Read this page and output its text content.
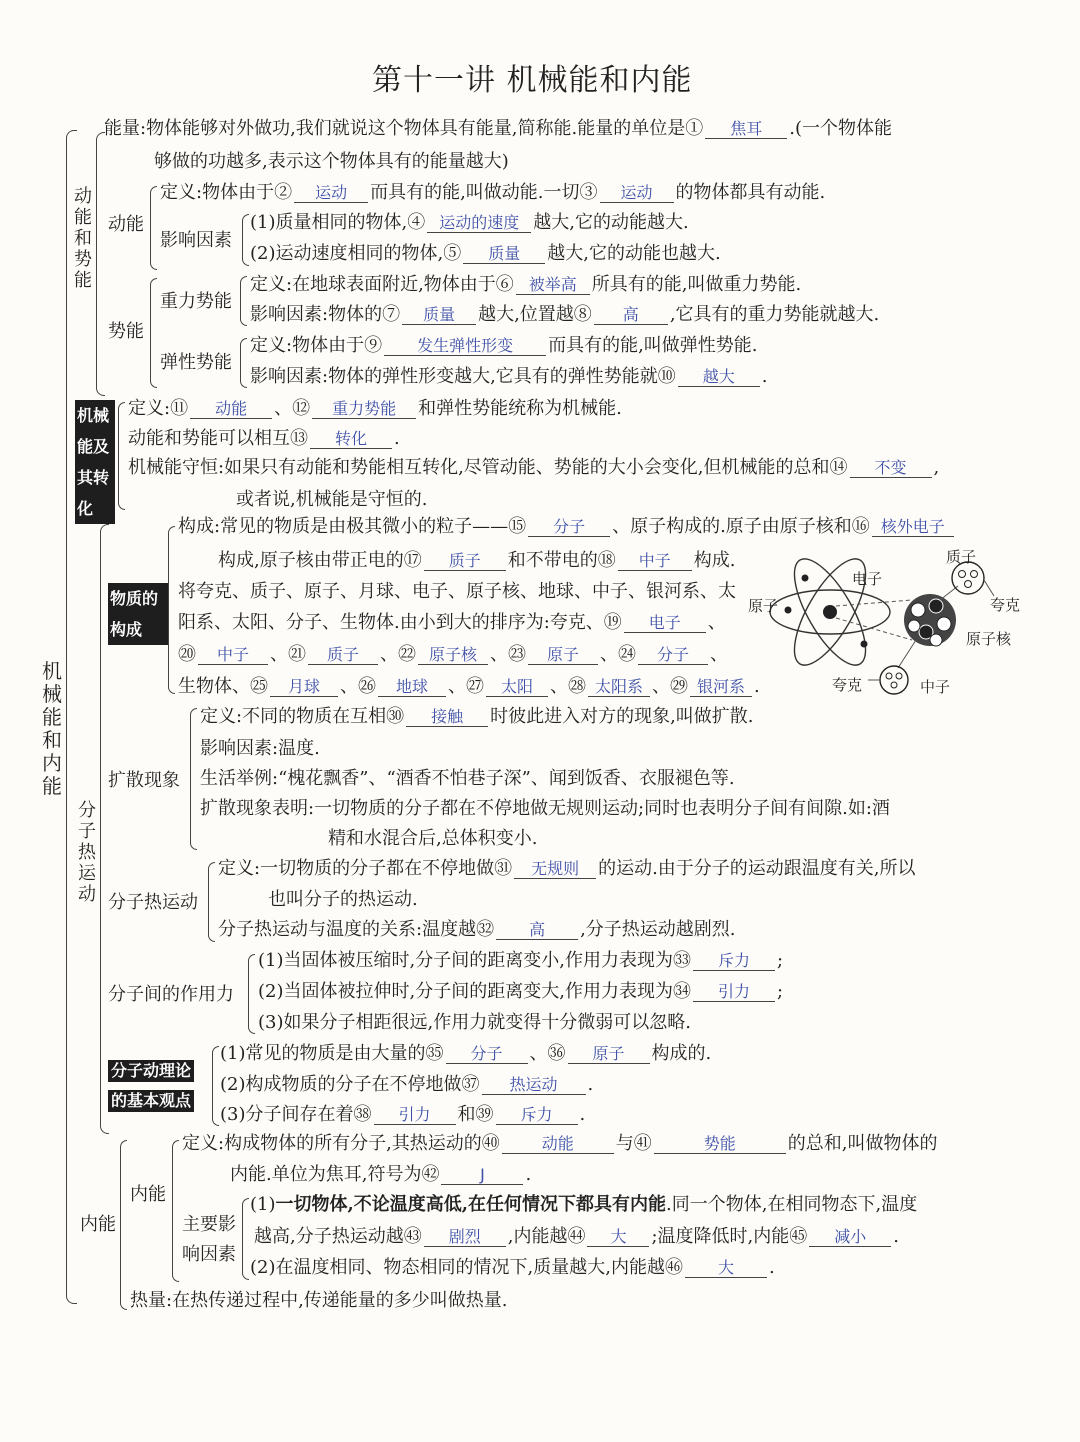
第十一讲 机械能和内能
机械能和内能
动能和势能
能量:物体能够对外做功,我们就说这个物体具有能量,简称能.能量的单位是① 焦耳 .(一个物体能
够做的功越多,表示这个物体具有的能量越大)
动能
定义:物体由于② 运动 而具有的能,叫做动能.一切③ 运动 的物体都具有动能.
影响因素
(1)质量相同的物体,④ 运动的速度 越大,它的动能越大.
(2)运动速度相同的物体,⑤ 质量 越大,它的动能也越大.
势能
重力势能
定义:在地球表面附近,物体由于⑥ 被举高 所具有的能,叫做重力势能.
影响因素:物体的⑦ 质量 越大,位置越⑧ 高 ,它具有的重力势能就越大.
弹性势能
定义:物体由于⑨ 发生弹性形变 而具有的能,叫做弹性势能.
影响因素:物体的弹性形变越大,它具有的弹性势能就⑩ 越大 .
机械能及其转化
定义:⑪ 动能 、⑫ 重力势能 和弹性势能统称为机械能.
动能和势能可以相互⑬ 转化 .
机械能守恒:如果只有动能和势能相互转化,尽管动能、势能的大小会变化,但机械能的总和⑭ 不变 ,
或者说,机械能是守恒的.
分子热运动
物质的构成
构成:常见的物质是由极其微小的粒子——⑮ 分子 、原子构成的.原子由原子核和⑯ 核外电子
构成,原子核由带正电的⑰ 质子 和不带电的⑱ 中子 构成.
将夸克、质子、原子、月球、电子、原子核、地球、中子、银河系、太
阳系、太阳、分子、生物体.由小到大的排序为:夸克、⑲ 电子 、
⑳ 中子 、㉑ 质子 、㉒ 原子核 、㉓ 原子 、㉔ 分子 、
生物体、㉕ 月球 、㉖ 地球 、㉗ 太阳 、㉘ 太阳系 、㉙ 银河系 .
原子
电子
质子
夸克
原子核
夸克	中子
扩散现象
定义:不同的物质在互相㉚ 接触 时彼此进入对方的现象,叫做扩散.
影响因素:温度.
生活举例:“槐花飘香”、“酒香不怕巷子深”、闻到饭香、衣服褪色等.
扩散现象表明:一切物质的分子都在不停地做无规则运动;同时也表明分子间有间隙.如:酒
精和水混合后,总体积变小.
分子热运动
定义:一切物质的分子都在不停地做㉛ 无规则 的运动.由于分子的运动跟温度有关,所以
也叫分子的热运动.
分子热运动与温度的关系:温度越㉜ 高 ,分子热运动越剧烈.
分子间的作用力
(1)当固体被压缩时,分子间的距离变小,作用力表现为㉝ 斥力 ;
(2)当固体被拉伸时,分子间的距离变大,作用力表现为㉞ 引力 ;
(3)如果分子相距很远,作用力就变得十分微弱可以忽略.
分子动理论
的基本观点
(1)常见的物质是由大量的㉟ 分子 、㊱ 原子 构成的.
(2)构成物质的分子在不停地做㊲ 热运动 .
(3)分子间存在着㊳ 引力 和㊴ 斥力 .
内能
内能
定义:构成物体的所有分子,其热运动的㊵	动能 与㊶	势能	的总和,叫做物体的
内能.单位为焦耳,符号为㊷	J .
主要影
响因素
(1)一切物体,不论温度高低,在任何情况下都具有内能.同一个物体,在相同物态下,温度
越高,分子热运动越㊸ 剧烈 ,内能越㊹ 大 ;温度降低时,内能㊺ 减小 .
(2)在温度相同、物态相同的情况下,质量越大,内能越㊻ 大 .
热量:在热传递过程中,传递能量的多少叫做热量.
